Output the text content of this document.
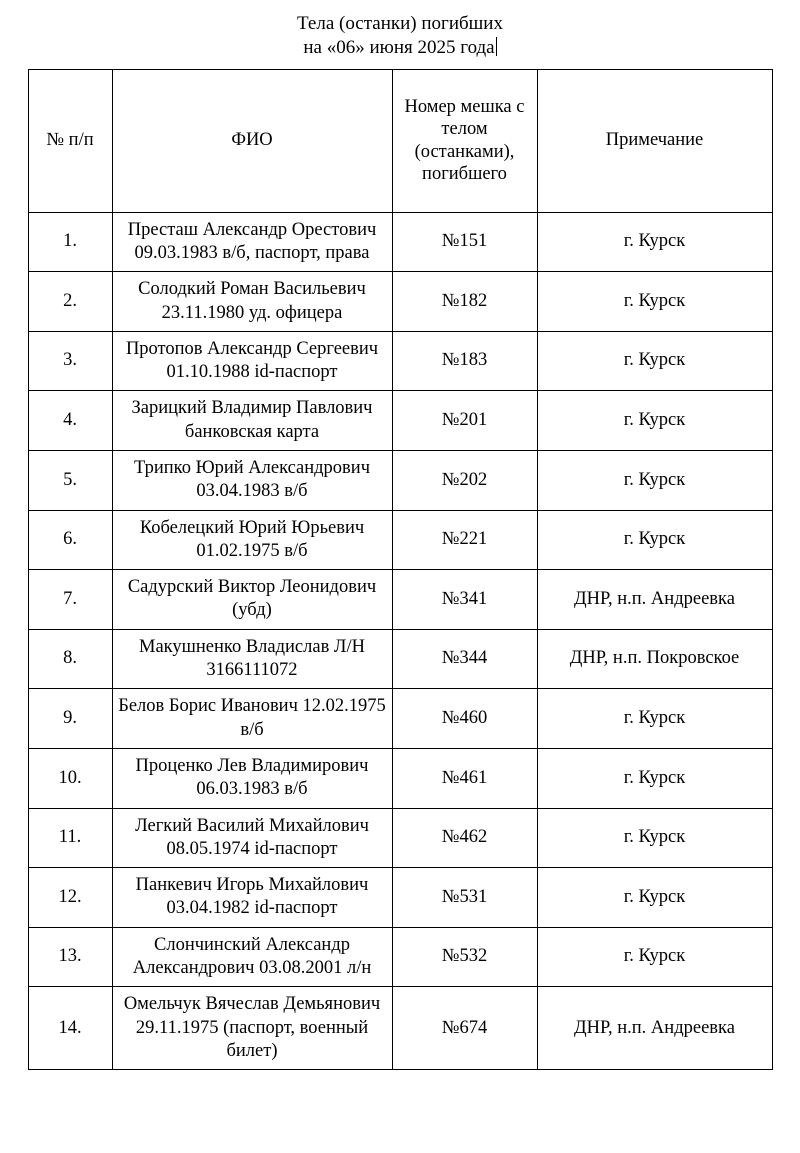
Тела (останки) погибших
на «06» июня 2025 года
№ п/п	ФИО	Номер мешка с телом (останками), погибшего	Примечание
1.	Престаш Александр Орестович 09.03.1983 в/б, паспорт, права	№151	г. Курск
2.	Солодкий Роман Васильевич 23.11.1980 уд. офицера	№182	г. Курск
3.	Протопов Александр Сергеевич 01.10.1988 id-паспорт	№183	г. Курск
4.	Зарицкий Владимир Павлович банковская карта	№201	г. Курск
5.	Трипко Юрий Александрович 03.04.1983 в/б	№202	г. Курск
6.	Кобелецкий Юрий Юрьевич 01.02.1975 в/б	№221	г. Курск
7.	Садурский Виктор Леонидович (убд)	№341	ДНР, н.п. Андреевка
8.	Макушненко Владислав Л/Н 3166111072	№344	ДНР, н.п. Покровское
9.	Белов Борис Иванович 12.02.1975 в/б	№460	г. Курск
10.	Проценко Лев Владимирович 06.03.1983 в/б	№461	г. Курск
11.	Легкий Василий Михайлович 08.05.1974 id-паспорт	№462	г. Курск
12.	Панкевич Игорь Михайлович 03.04.1982 id-паспорт	№531	г. Курск
13.	Слончинский Александр Александрович 03.08.2001 л/н	№532	г. Курск
14.	Омельчук Вячеслав Демьянович 29.11.1975 (паспорт, военный билет)	№674	ДНР, н.п. Андреевка
